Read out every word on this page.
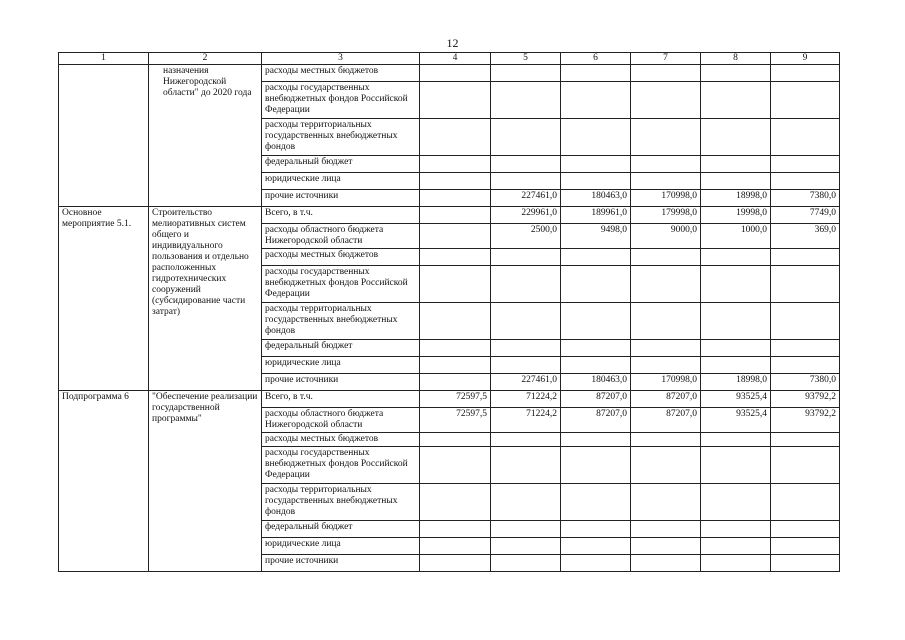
12
1	2	3	4	5	6	7	8	9
	назначения Нижегородской области" до 2020 года	расходы местных бюджетов						
		расходы государственных внебюджетных фондов Российской Федерации						
		расходы территориальных государственных внебюджетных фондов						
		федеральный бюджет						
		юридические лица						
		прочие источники		227461,0	180463,0	170998,0	18998,0	7380,0
Основное мероприятие 5.1.	Строительство мелиоративных систем общего и индивидуального пользования и отдельно расположенных гидротехнических сооружений (субсидирование части затрат)	Всего, в т.ч.		229961,0	189961,0	179998,0	19998,0	7749,0
		расходы областного бюджета Нижегородской области		2500,0	9498,0	9000,0	1000,0	369,0
		расходы местных бюджетов						
		расходы государственных внебюджетных фондов Российской Федерации						
		расходы территориальных государственных внебюджетных фондов						
		федеральный бюджет						
		юридические лица						
		прочие источники		227461,0	180463,0	170998,0	18998,0	7380,0
Подпрограмма 6	"Обеспечение реализации государственной программы"	Всего, в т.ч.	72597,5	71224,2	87207,0	87207,0	93525,4	93792,2
		расходы областного бюджета Нижегородской области	72597,5	71224,2	87207,0	87207,0	93525,4	93792,2
		расходы местных бюджетов						
		расходы государственных внебюджетных фондов Российской Федерации						
		расходы территориальных государственных внебюджетных фондов						
		федеральный бюджет						
		юридические лица						
		прочие источники						
